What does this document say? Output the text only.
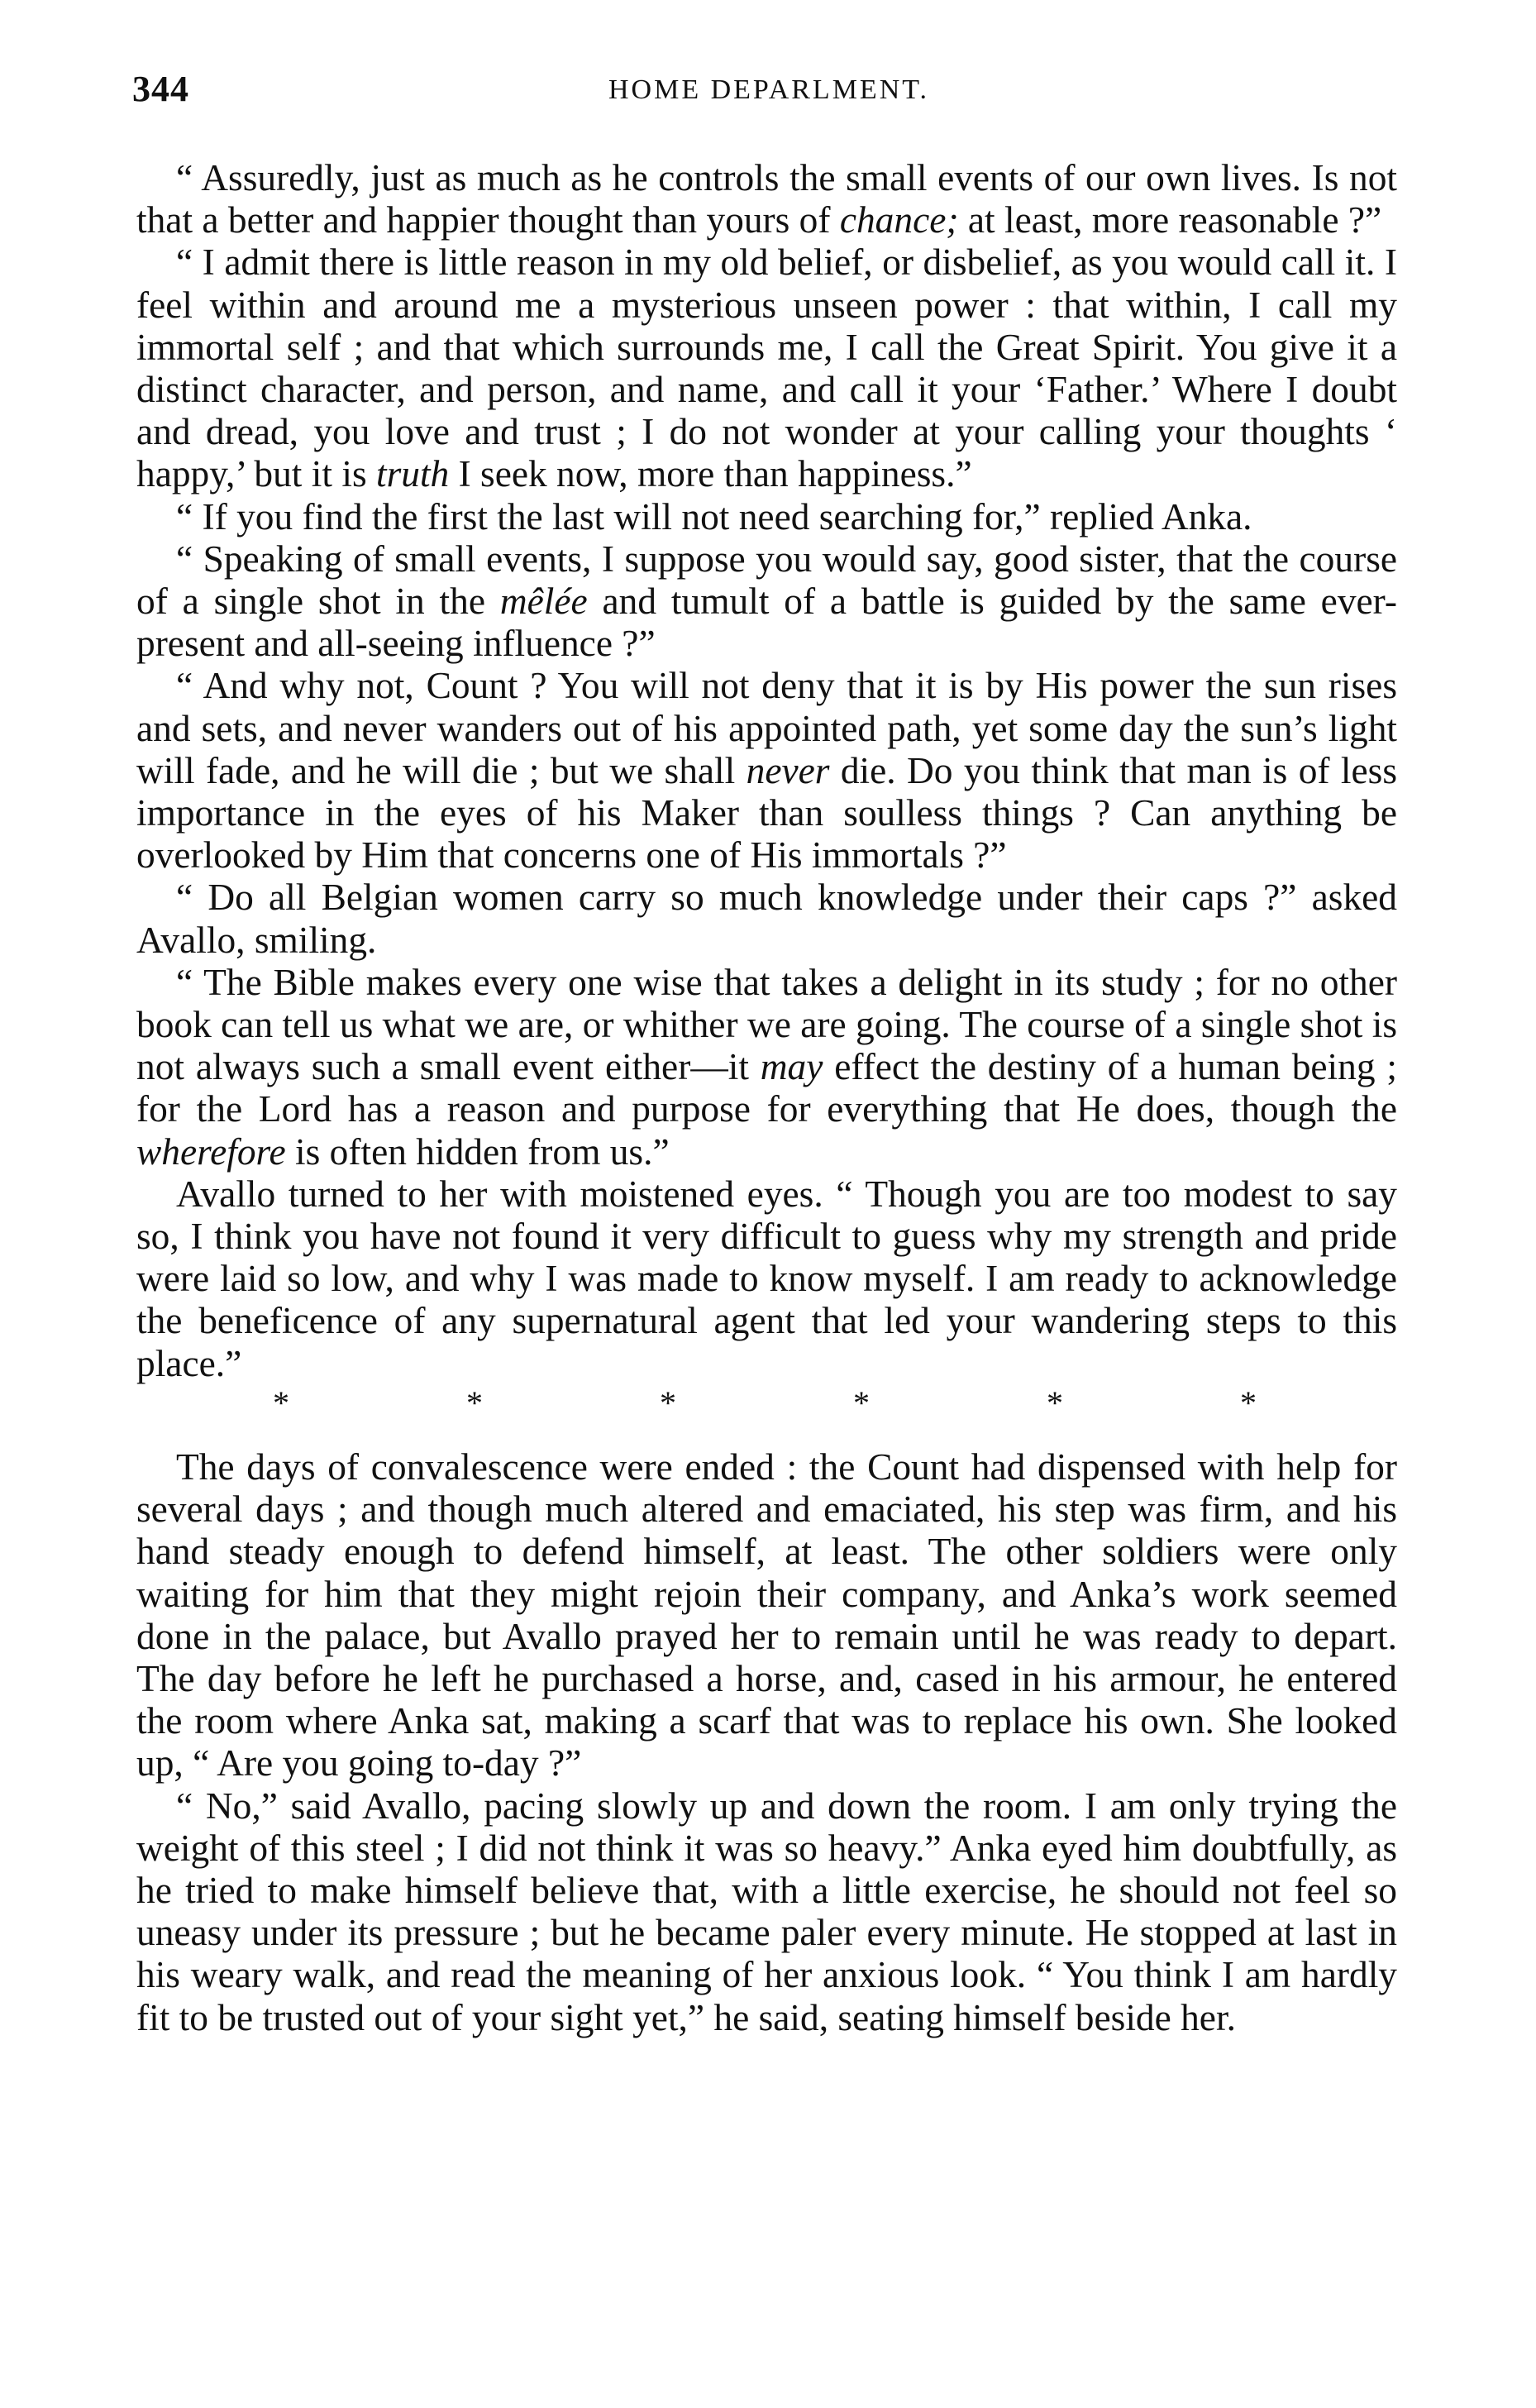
344	HOME DEPARLMENT.

“ Assuredly, just as much as he controls the small events of our own lives. Is not that a better and happier thought than yours of chance; at least, more reasonable ?”

“ I admit there is little reason in my old belief, or disbelief, as you would call it. I feel within and around me a mysterious unseen power : that within, I call my immortal self ; and that which surrounds me, I call the Great Spirit. You give it a distinct character, and person, and name, and call it your ‘Father.’ Where I doubt and dread, you love and trust ; I do not wonder at your calling your thoughts ‘ happy,’ but it is truth I seek now, more than happiness.”

“ If you find the first the last will not need searching for,” replied Anka.

“ Speaking of small events, I suppose you would say, good sister, that the course of a single shot in the mêlée and tumult of a battle is guided by the same ever-present and all-seeing influence ?”

“ And why not, Count ? You will not deny that it is by His power the sun rises and sets, and never wanders out of his appointed path, yet some day the sun’s light will fade, and he will die ; but we shall never die. Do you think that man is of less importance in the eyes of his Maker than soulless things ? Can anything be overlooked by Him that concerns one of His immortals ?”

“ Do all Belgian women carry so much knowledge under their caps ?” asked Avallo, smiling.

“ The Bible makes every one wise that takes a delight in its study ; for no other book can tell us what we are, or whither we are going. The course of a single shot is not always such a small event either—it may effect the destiny of a human being ; for the Lord has a reason and purpose for everything that He does, though the wherefore is often hidden from us.”

Avallo turned to her with moistened eyes. “ Though you are too modest to say so, I think you have not found it very difficult to guess why my strength and pride were laid so low, and why I was made to know myself. I am ready to acknowledge the beneficence of any supernatural agent that led your wandering steps to this place.”

*	*	*	*	*	*

The days of convalescence were ended : the Count had dispensed with help for several days ; and though much altered and emaciated, his step was firm, and his hand steady enough to defend himself, at least. The other soldiers were only waiting for him that they might rejoin their company, and Anka’s work seemed done in the palace, but Avallo prayed her to remain until he was ready to depart. The day before he left he purchased a horse, and, cased in his armour, he entered the room where Anka sat, making a scarf that was to replace his own. She looked up, “ Are you going to-day ?”

“ No,” said Avallo, pacing slowly up and down the room. I am only trying the weight of this steel ; I did not think it was so heavy.” Anka eyed him doubtfully, as he tried to make himself believe that, with a little exercise, he should not feel so uneasy under its pressure ; but he became paler every minute. He stopped at last in his weary walk, and read the meaning of her anxious look. “ You think I am hardly fit to be trusted out of your sight yet,” he said, seating himself beside her.
